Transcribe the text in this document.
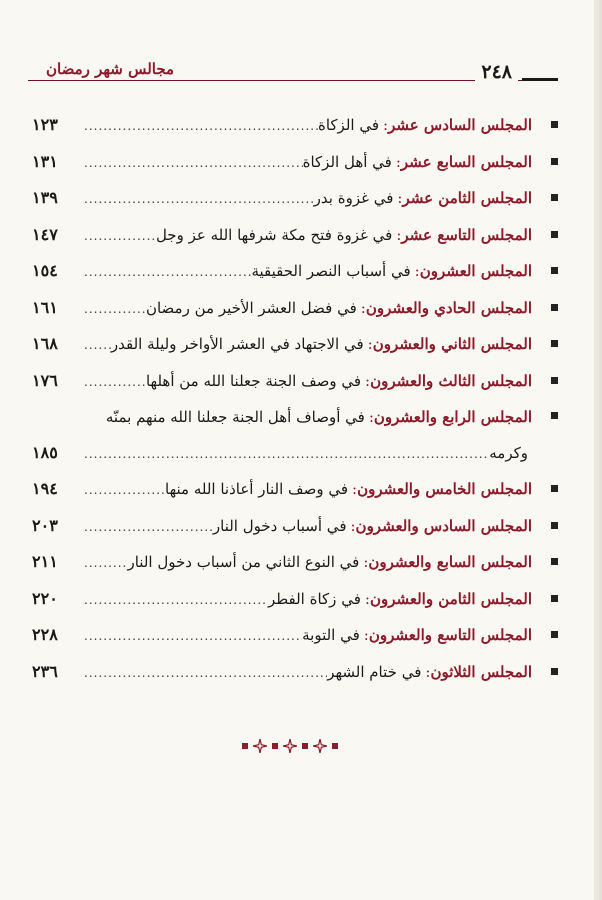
٢٤٨
مجالس شهر رمضان
المجلس السادس عشر
:
في الزكاة
.....
١٢٣
المجلس السابع عشر
:
في أهل الزكاة
.....
١٣١
المجلس الثامن عشر
:
في غزوة بدر
.....
١٣٩
المجلس التاسع عشر
:
في غزوة فتح مكة شرفها الله عز وجل
.....
١٤٧
المجلس العشرون
:
في أسباب النصر الحقيقية
.....
١٥٤
المجلس الحادي والعشرون
:
في فضل العشر الأخير من رمضان
.....
١٦١
المجلس الثاني والعشرون
:
في الاجتهاد في العشر الأواخر وليلة القدر
.....
١٦٨
المجلس الثالث والعشرون
:
في وصف الجنة جعلنا الله من أهلها
.....
١٧٦
المجلس الرابع والعشرون:في أوصاف أهل الجنة جعلنا الله منهم بمنّه
وكرمه
.....
١٨٥
المجلس الخامس والعشرون
:
في وصف النار أعاذنا الله منها
.....
١٩٤
المجلس السادس والعشرون
:
في أسباب دخول النار
.....
٢٠٣
المجلس السابع والعشرون
:
في النوع الثاني من أسباب دخول النار
.....
٢١١
المجلس الثامن والعشرون
:
في زكاة الفطر
.....
٢٢٠
المجلس التاسع والعشرون
:
في التوبة
.....
٢٢٨
المجلس الثلاثون
:
في ختام الشهر
.....
٢٣٦
